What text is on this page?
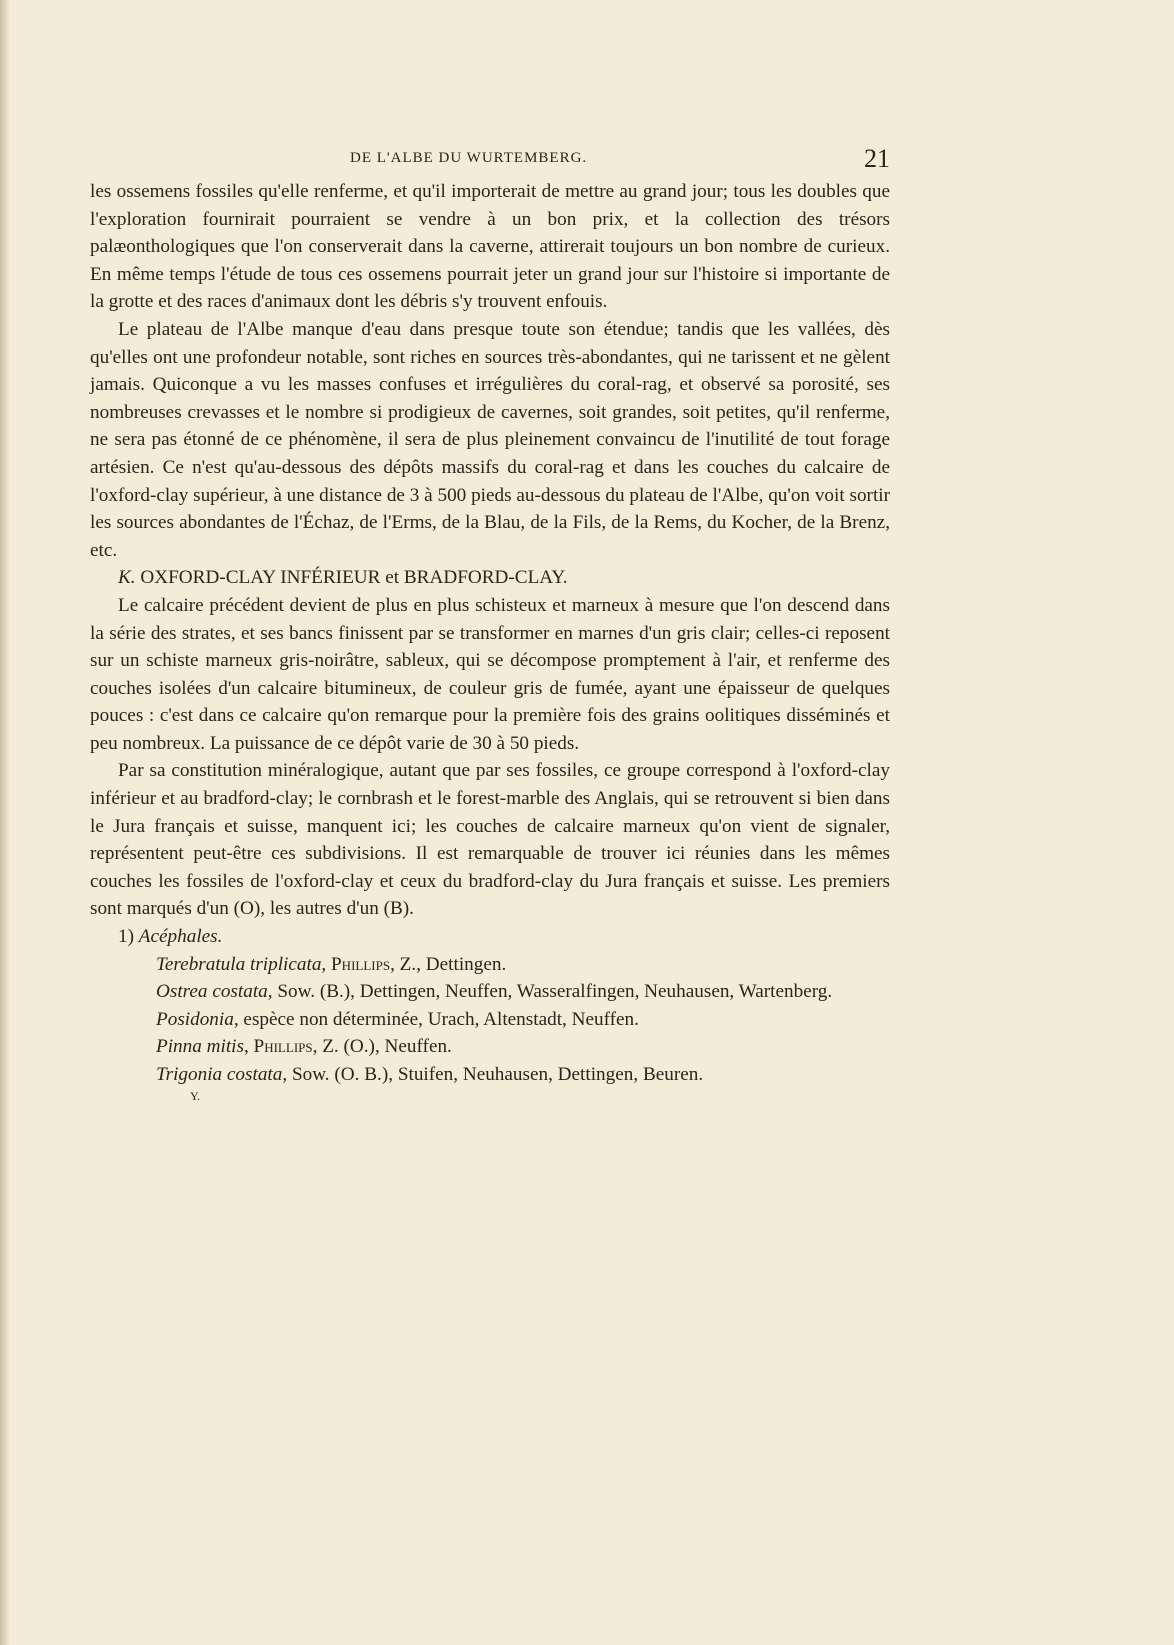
DE L'ALBE DU WURTEMBERG.	21

les ossemens fossiles qu'elle renferme, et qu'il importerait de mettre au grand jour; tous les doubles que l'exploration fournirait pourraient se vendre à un bon prix, et la collection des trésors palæonthologiques que l'on conserverait dans la caverne, attirerait toujours un bon nombre de curieux. En même temps l'étude de tous ces ossemens pourrait jeter un grand jour sur l'histoire si importante de la grotte et des races d'animaux dont les débris s'y trouvent enfouis.

Le plateau de l'Albe manque d'eau dans presque toute son étendue; tandis que les vallées, dès qu'elles ont une profondeur notable, sont riches en sources très-abondantes, qui ne tarissent et ne gèlent jamais. Quiconque a vu les masses confuses et irrégulières du coral-rag, et observé sa porosité, ses nombreuses crevasses et le nombre si prodigieux de cavernes, soit grandes, soit petites, qu'il renferme, ne sera pas étonné de ce phénomène, il sera de plus pleinement convaincu de l'inutilité de tout forage artésien. Ce n'est qu'au-dessous des dépôts massifs du coral-rag et dans les couches du calcaire de l'oxford-clay supérieur, à une distance de 3 à 500 pieds au-dessous du plateau de l'Albe, qu'on voit sortir les sources abondantes de l'Échaz, de l'Erms, de la Blau, de la Fils, de la Rems, du Kocher, de la Brenz, etc.

K. OXFORD-CLAY INFÉRIEUR et BRADFORD-CLAY.

Le calcaire précédent devient de plus en plus schisteux et marneux à mesure que l'on descend dans la série des strates, et ses bancs finissent par se transformer en marnes d'un gris clair; celles-ci reposent sur un schiste marneux gris-noirâtre, sableux, qui se décompose promptement à l'air, et renferme des couches isolées d'un calcaire bitumineux, de couleur gris de fumée, ayant une épaisseur de quelques pouces : c'est dans ce calcaire qu'on remarque pour la première fois des grains oolitiques disséminés et peu nombreux. La puissance de ce dépôt varie de 30 à 50 pieds.

Par sa constitution minéralogique, autant que par ses fossiles, ce groupe correspond à l'oxford-clay inférieur et au bradford-clay; le cornbrash et le forest-marble des Anglais, qui se retrouvent si bien dans le Jura français et suisse, manquent ici; les couches de calcaire marneux qu'on vient de signaler, représentent peut-être ces subdivisions. Il est remarquable de trouver ici réunies dans les mêmes couches les fossiles de l'oxford-clay et ceux du bradford-clay du Jura français et suisse. Les premiers sont marqués d'un (O), les autres d'un (B).

1) Acéphales.

Terebratula triplicata, Phillips, Z., Dettingen.

Ostrea costata, Sow. (B.), Dettingen, Neuffen, Wasseralfingen, Neuhausen, Wartenberg.

Posidonia, espèce non déterminée, Urach, Altenstadt, Neuffen.

Pinna mitis, Phillips, Z. (O.), Neuffen.

Trigonia costata, Sow. (O. B.), Stuifen, Neuhausen, Dettingen, Beuren.

Y.
